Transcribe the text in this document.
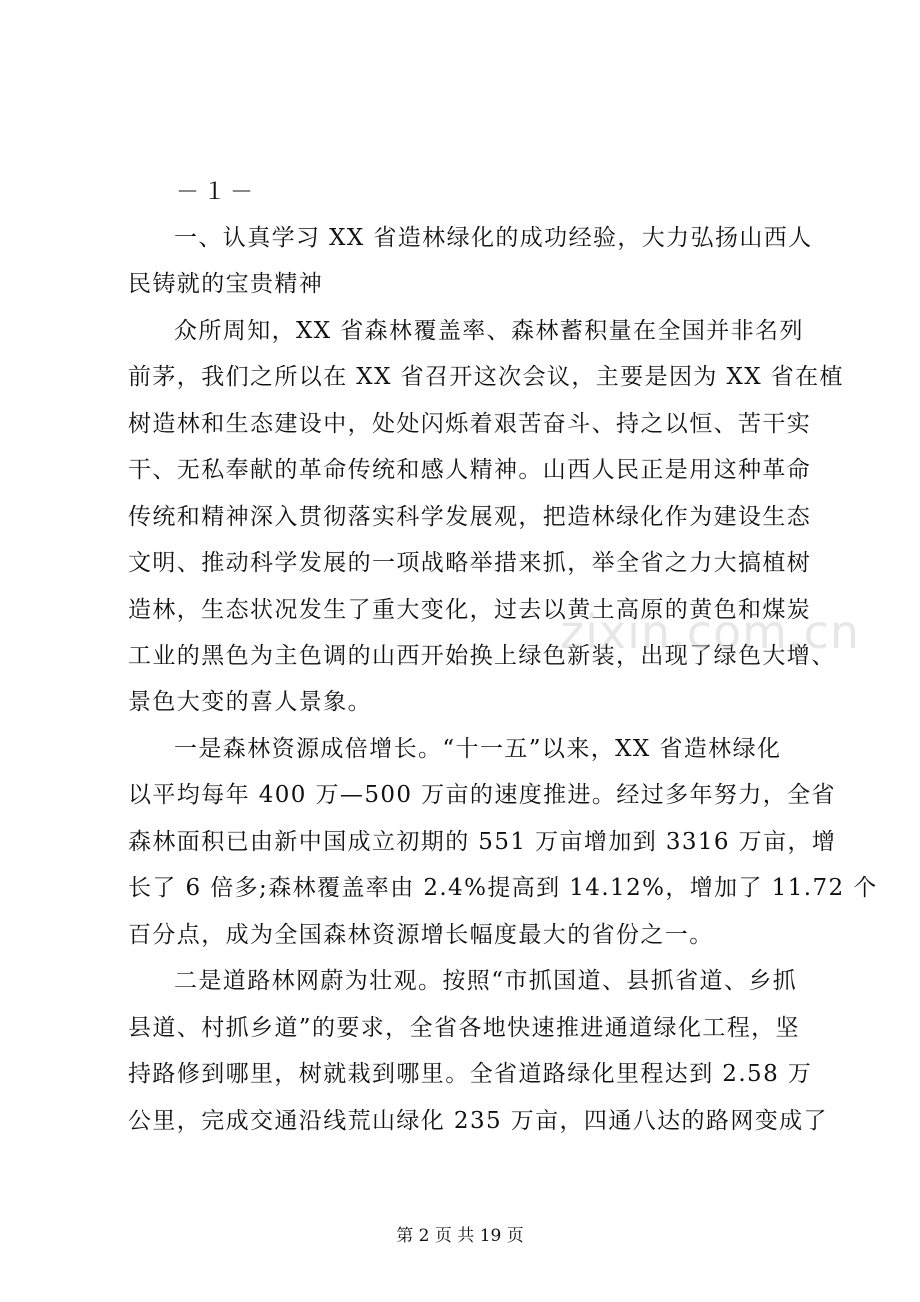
－１－
一、认真学习 XX 省造林绿化的成功经验，大力弘扬山西人
民铸就的宝贵精神
众所周知，XX 省森林覆盖率、森林蓄积量在全国并非名列
前茅，我们之所以在 XX 省召开这次会议，主要是因为 XX 省在植
树造林和生态建设中，处处闪烁着艰苦奋斗、持之以恒、苦干实
干、无私奉献的革命传统和感人精神。山西人民正是用这种革命
传统和精神深入贯彻落实科学发展观，把造林绿化作为建设生态
文明、推动科学发展的一项战略举措来抓，举全省之力大搞植树
造林，生态状况发生了重大变化，过去以黄土高原的黄色和煤炭
工业的黑色为主色调的山西开始换上绿色新装，出现了绿色大增、
景色大变的喜人景象。
一是森林资源成倍增长。“十一五”以来，XX 省造林绿化
以平均每年 400 万—500 万亩的速度推进。经过多年努力，全省
森林面积已由新中国成立初期的 551 万亩增加到 3316 万亩，增
长了 6 倍多;森林覆盖率由 2.4%提高到 14.12%，增加了 11.72 个
百分点，成为全国森林资源增长幅度最大的省份之一。
二是道路林网蔚为壮观。按照“市抓国道、县抓省道、乡抓
县道、村抓乡道”的要求，全省各地快速推进通道绿化工程，坚
持路修到哪里，树就栽到哪里。全省道路绿化里程达到 2.58 万
公里，完成交通沿线荒山绿化 235 万亩，四通八达的路网变成了
zixin.com.cn
第 2 页 共 19 页
